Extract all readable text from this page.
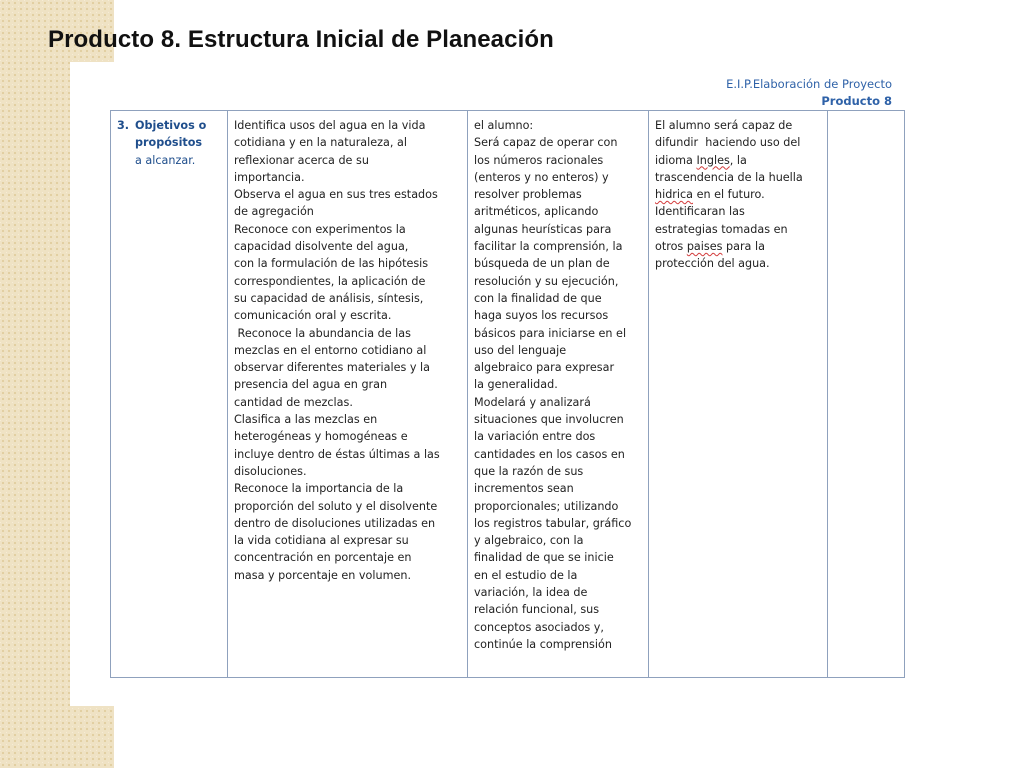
Producto 8. Estructura Inicial de Planeación
E.I.P.Elaboración de Proyecto
Producto 8
3. Objetivos o
propósitos
a alcanzar.

Identifica usos del agua en la vida
cotidiana y en la naturaleza, al
reflexionar acerca de su
importancia.
Observa el agua en sus tres estados
de agregación
Reconoce con experimentos la
capacidad disolvente del agua,
con la formulación de las hipótesis
correspondientes, la aplicación de
su capacidad de análisis, síntesis,
comunicación oral y escrita.
Reconoce la abundancia de las
mezclas en el entorno cotidiano al
observar diferentes materiales y la
presencia del agua en gran
cantidad de mezclas.
Clasifica a las mezclas en
heterogéneas y homogéneas e
incluye dentro de éstas últimas a las
disoluciones.
Reconoce la importancia de la
proporción del soluto y el disolvente
dentro de disoluciones utilizadas en
la vida cotidiana al expresar su
concentración en porcentaje en
masa y porcentaje en volumen.

el alumno:
Será capaz de operar con
los números racionales
(enteros y no enteros) y
resolver problemas
aritméticos, aplicando
algunas heurísticas para
facilitar la comprensión, la
búsqueda de un plan de
resolución y su ejecución,
con la finalidad de que
haga suyos los recursos
básicos para iniciarse en el
uso del lenguaje
algebraico para expresar
la generalidad.
Modelará y analizará
situaciones que involucren
la variación entre dos
cantidades en los casos en
que la razón de sus
incrementos sean
proporcionales; utilizando
los registros tabular, gráfico
y algebraico, con la
finalidad de que se inicie
en el estudio de la
variación, la idea de
relación funcional, sus
conceptos asociados y,
continúe la comprensión

El alumno será capaz de
difundir  haciendo uso del
idioma Ingles, la
trascendencia de la huella
hidrica en el futuro.
Identificaran las
estrategias tomadas en
otros paises para la
protección del agua.
